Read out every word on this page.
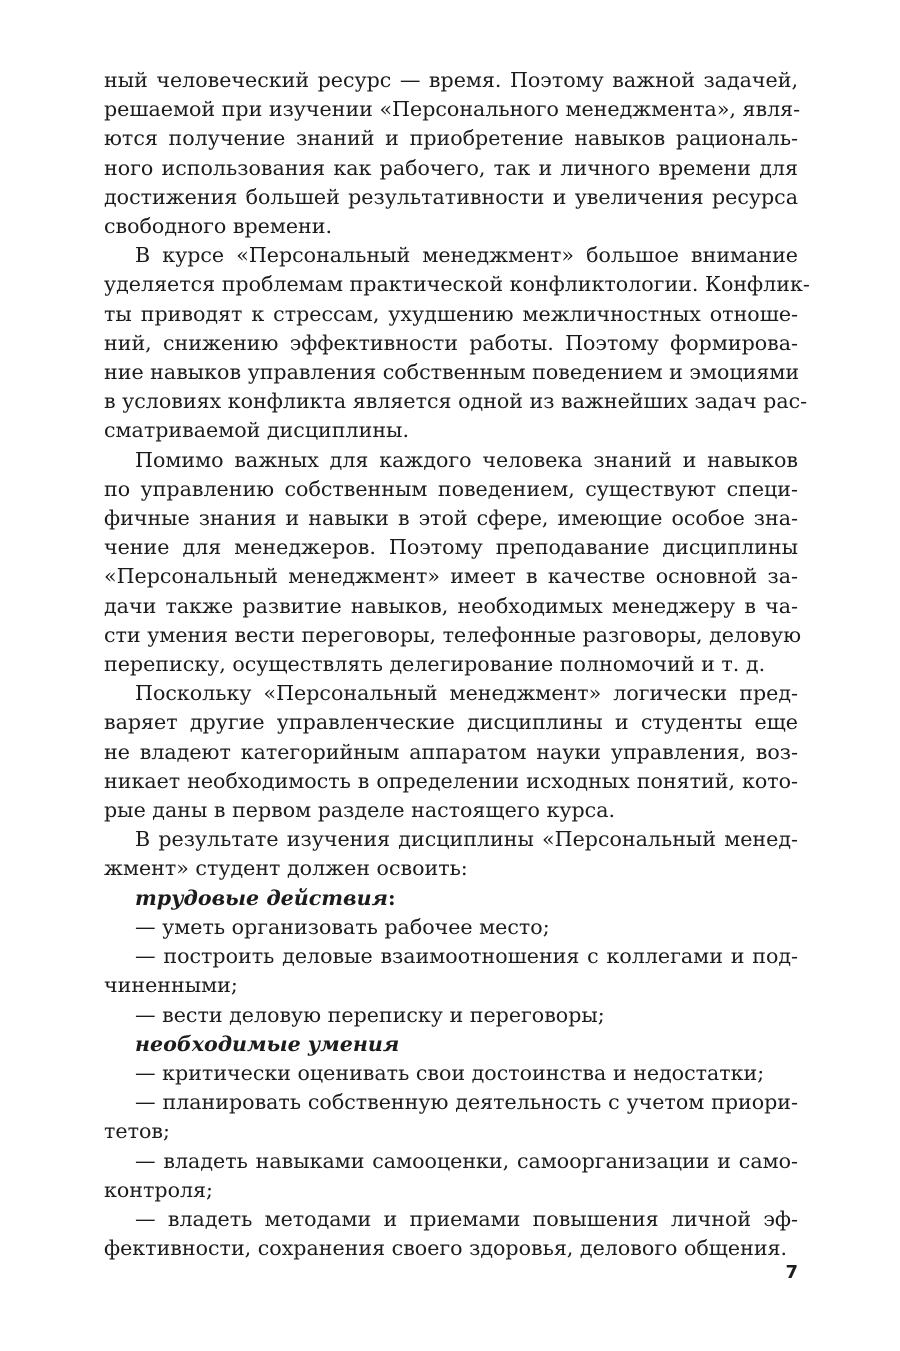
ный человеческий ресурс — время. Поэтому важной задачей,
решаемой при изучении «Персонального менеджмента», явля-
ются получение знаний и приобретение навыков рациональ-
ного использования как рабочего, так и личного времени для
достижения большей результативности и увеличения ресурса
свободного времени.
В курсе «Персональный менеджмент» большое внимание
уделяется проблемам практической конфликтологии. Конфлик-
ты приводят к стрессам, ухудшению межличностных отноше-
ний, снижению эффективности работы. Поэтому формирова-
ние навыков управления собственным поведением и эмоциями
в условиях конфликта является одной из важнейших задач рас-
сматриваемой дисциплины.
Помимо важных для каждого человека знаний и навыков
по управлению собственным поведением, существуют специ-
фичные знания и навыки в этой сфере, имеющие особое зна-
чение для менеджеров. Поэтому преподавание дисциплины
«Персональный менеджмент» имеет в качестве основной за-
дачи также развитие навыков, необходимых менеджеру в ча-
сти умения вести переговоры, телефонные разговоры, деловую
переписку, осуществлять делегирование полномочий и т. д.
Поскольку «Персональный менеджмент» логически пред-
варяет другие управленческие дисциплины и студенты еще
не владеют категорийным аппаратом науки управления, воз-
никает необходимость в определении исходных понятий, кото-
рые даны в первом разделе настоящего курса.
В результате изучения дисциплины «Персональный менед-
жмент» студент должен освоить:
трудовые действия:
— уметь организовать рабочее место;
— построить деловые взаимоотношения с коллегами и под-
чиненными;
— вести деловую переписку и переговоры;
необходимые умения
— критически оценивать свои достоинства и недостатки;
— планировать собственную деятельность с учетом приори-
тетов;
— владеть навыками самооценки, самоорганизации и само-
контроля;
— владеть методами и приемами повышения личной эф-
фективности, сохранения своего здоровья, делового общения.
7
